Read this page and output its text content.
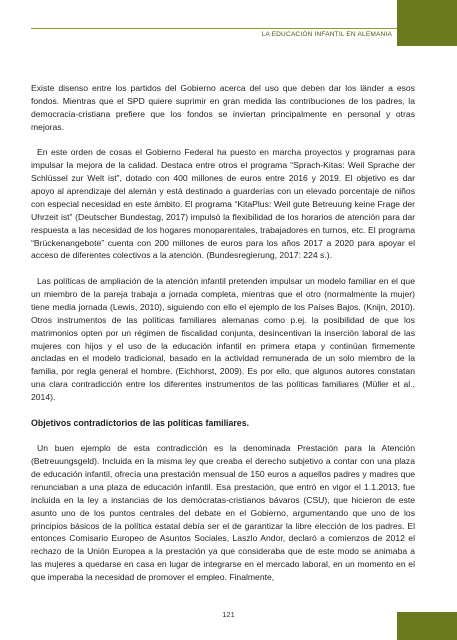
LA EDUCACIÓN INFANTIL EN ALEMANIA

Existe disenso entre los partidos del Gobierno acerca del uso que deben dar los länder a esos fondos. Mientras que el SPD quiere suprimir en gran medida las contribuciones de los padres, la democracia-cristiana prefiere que los fondos se inviertan principalmente en personal y otras mejoras.

En este orden de cosas el Gobierno Federal ha puesto en marcha proyectos y programas para impulsar la mejora de la calidad. Destaca entre otros el programa “Sprach-Kitas: Weil Sprache der Schlüssel zur Welt ist”, dotado con 400 millones de euros entre 2016 y 2019. El objetivo es dar apoyo al aprendizaje del alemán y está destinado a guarderías con un elevado porcentaje de niños con especial necesidad en este ámbito. El programa “KitaPlus: Weil gute Betreuung keine Frage der Uhrzeit ist” (Deutscher Bundestag, 2017) impulsó la flexibilidad de los horarios de atención para dar respuesta a las necesidad de los hogares monoparentales, trabajadores en turnos, etc. El programa “Brückenangebote” cuenta con 200 millones de euros para los años 2017 a 2020 para apoyar el acceso de diferentes colectivos a la atención. (Bundesregierung, 2017: 224 s.).

Las políticas de ampliación de la atención infantil pretenden impulsar un modelo familiar en el que un miembro de la pareja trabaja a jornada completa, mientras que el otro (normalmente la mujer) tiene media jornada (Lewis, 2010), siguiendo con ello el ejemplo de los Países Bajos. (Knijn, 2010). Otros instrumentos de las políticas familiares alemanas como p.ej. la posibilidad de que los matrimonios opten por un régimen de fiscalidad conjunta, desincentivan la inserción laboral de las mujeres con hijos y el uso de la educación infantil en primera etapa y continúan firmemente ancladas en el modelo tradicional, basado en la actividad remunerada de un solo miembro de la familia, por regla general el hombre. (Eichhorst, 2009). Es por ello, que algunos autores constatan una clara contradicción entre los diferentes instrumentos de las políticas familiares (Müller et al., 2014).

Objetivos contradictorios de las políticas familiares.

Un buen ejemplo de esta contradicción es la denominada Prestación para la Atención (Betreuungsgeld). Incluida en la misma ley que creaba el derecho subjetivo a contar con una plaza de educación infantil, ofrecía una prestación mensual de 150 euros a aquellos padres y madres que renunciaban a una plaza de educación infantil. Esa prestación, que entró en vigor el 1.1.2013, fue incluida en la ley a instancias de los demócratas-cristianos bávaros (CSU), que hicieron de este asunto uno de los puntos centrales del debate en el Gobierno, argumentando que uno de los principios básicos de la política estatal debía ser el de garantizar la libre elección de los padres. El entonces Comisario Europeo de Asuntos Sociales, Laszlo Andor, declaró a comienzos de 2012 el rechazo de la Unión Europea a la prestación ya que consideraba que de este modo se animaba a las mujeres a quedarse en casa en lugar de integrarse en el mercado laboral, en un momento en el que imperaba la necesidad de promover el empleo. Finalmente,

121
